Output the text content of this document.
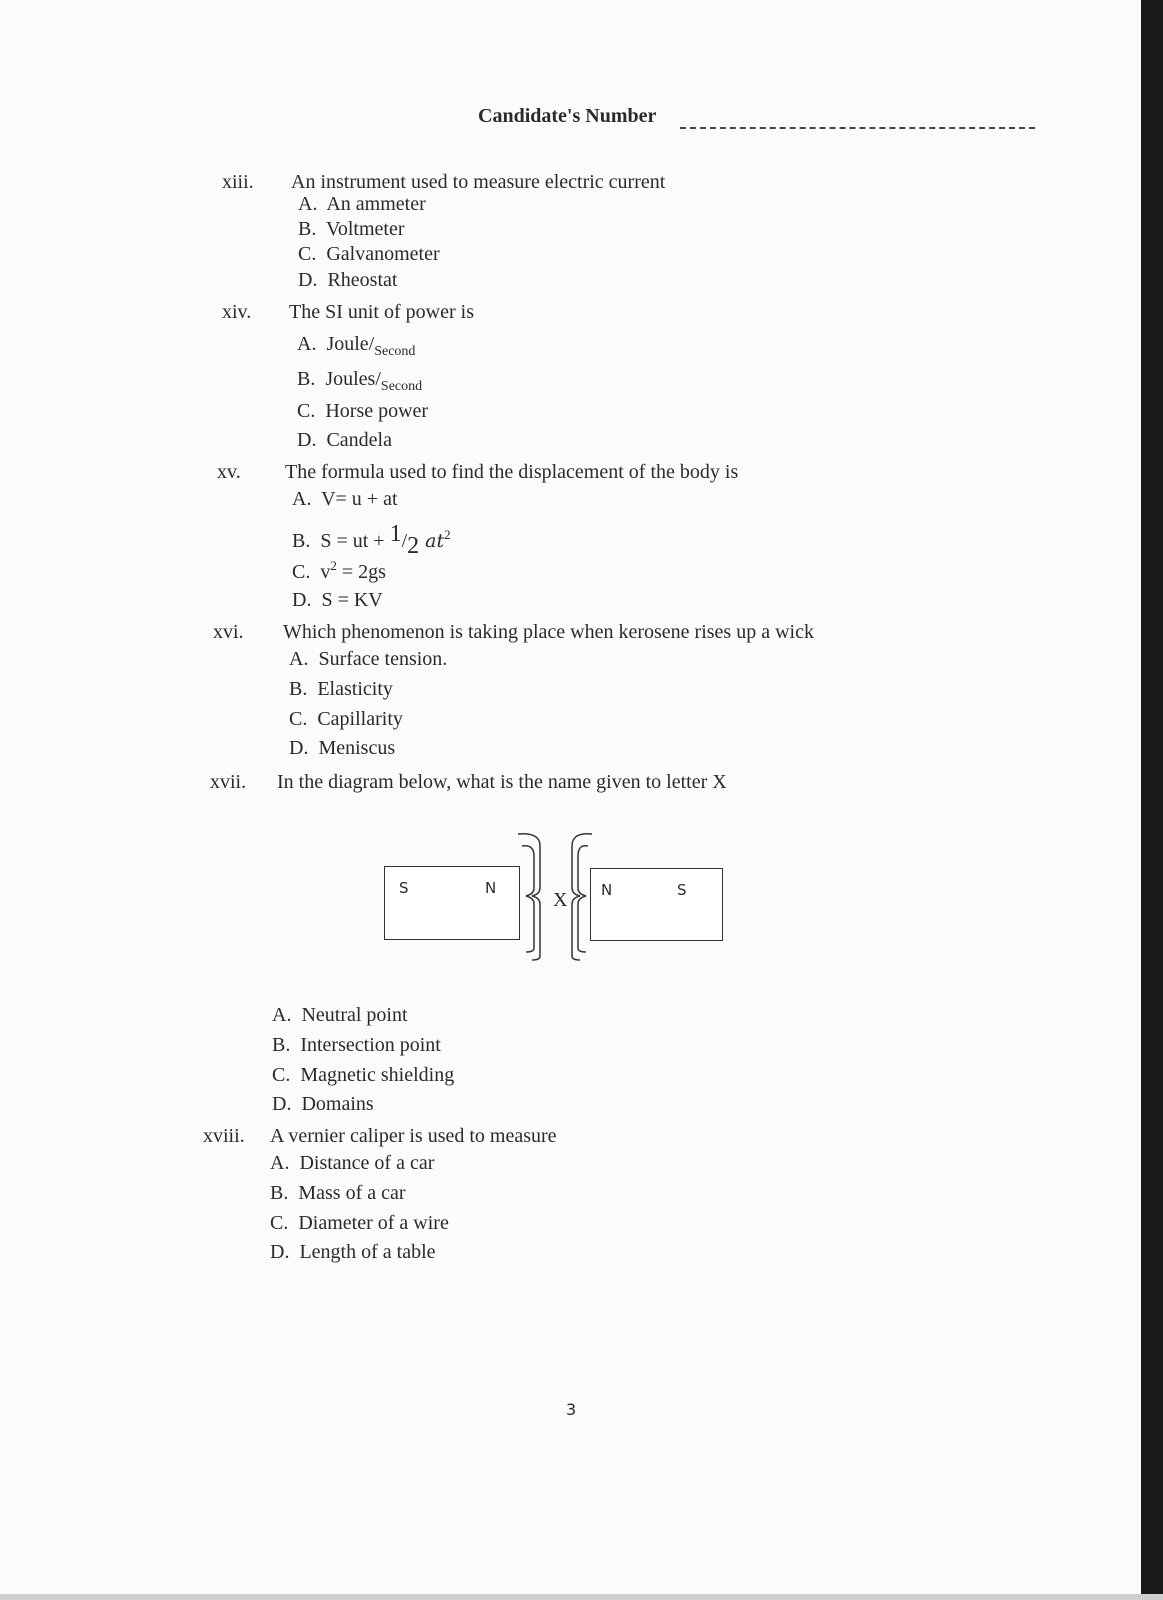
Candidate's Number
xiii. An instrument used to measure electric current
A.  An ammeter
B.  Voltmeter
C.  Galvanometer
D.  Rheostat
xiv. The SI unit of power is
A.  Joule/$_{Second}$
B.  Joules/$_{Second}$
C.  Horse power
D.  Candela
xv. The formula used to find the displacement of the body is
A.  V= u + at
B.  S = ut + 1/2 $at^2$
C.  $v^2 = 2gs$
D.  S = KV
xvi. Which phenomenon is taking place when kerosene rises up a wick
A.  Surface tension.
B.  Elasticity
C.  Capillarity
D.  Meniscus
xvii. In the diagram below, what is the name given to letter X
A.  Neutral point
B.  Intersection point
C.  Magnetic shielding
D.  Domains
xviii. A vernier caliper is used to measure
A.  Distance of a car
B.  Mass of a car
C.  Diameter of a wire
D.  Length of a table
S	N	N	S
X
3
